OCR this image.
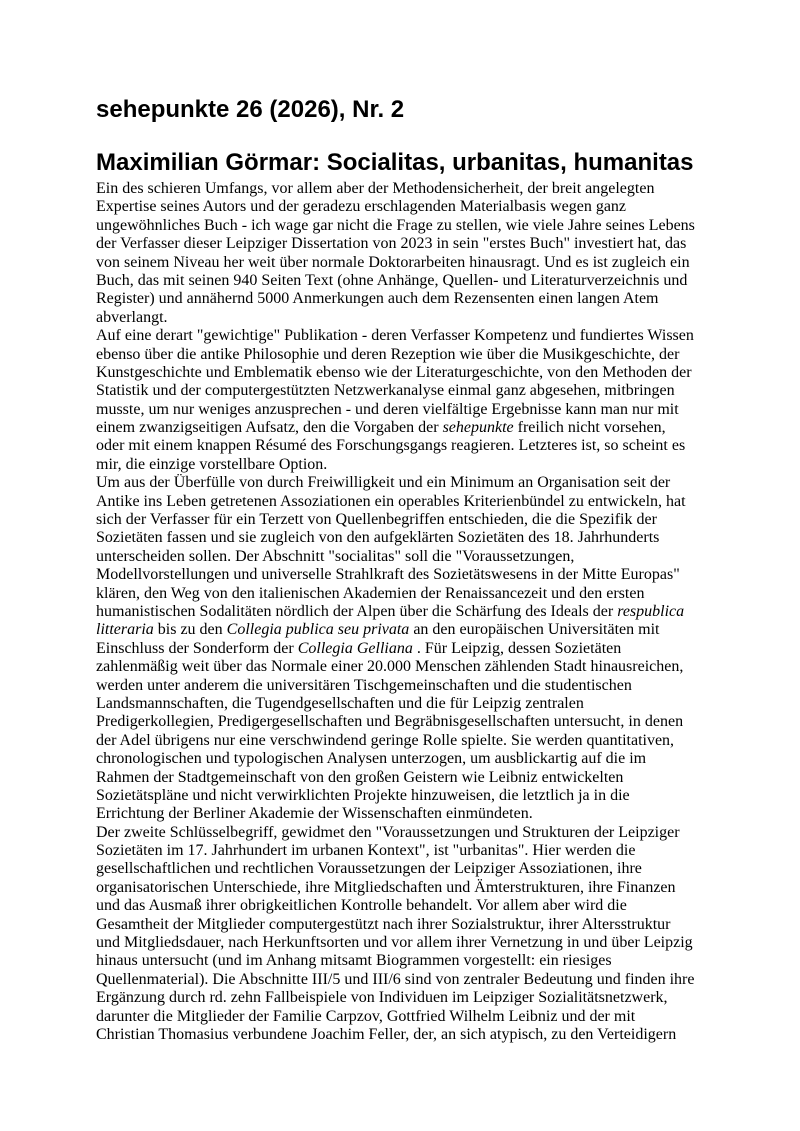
sehepunkte 26 (2026), Nr. 2
Maximilian Görmar: Socialitas, urbanitas, humanitas
Ein des schieren Umfangs, vor allem aber der Methodensicherheit, der breit angelegten
Expertise seines Autors und der geradezu erschlagenden Materialbasis wegen ganz
ungewöhnliches Buch - ich wage gar nicht die Frage zu stellen, wie viele Jahre seines Lebens
der Verfasser dieser Leipziger Dissertation von 2023 in sein "erstes Buch" investiert hat, das
von seinem Niveau her weit über normale Doktorarbeiten hinausragt. Und es ist zugleich ein
Buch, das mit seinen 940 Seiten Text (ohne Anhänge, Quellen- und Literaturverzeichnis und
Register) und annähernd 5000 Anmerkungen auch dem Rezensenten einen langen Atem
abverlangt.
Auf eine derart "gewichtige" Publikation - deren Verfasser Kompetenz und fundiertes Wissen
ebenso über die antike Philosophie und deren Rezeption wie über die Musikgeschichte, der
Kunstgeschichte und Emblematik ebenso wie der Literaturgeschichte, von den Methoden der
Statistik und der computergestützten Netzwerkanalyse einmal ganz abgesehen, mitbringen
musste, um nur weniges anzusprechen - und deren vielfältige Ergebnisse kann man nur mit
einem zwanzigseitigen Aufsatz, den die Vorgaben der sehepunkte freilich nicht vorsehen,
oder mit einem knappen Résumé des Forschungsgangs reagieren. Letzteres ist, so scheint es
mir, die einzige vorstellbare Option.
Um aus der Überfülle von durch Freiwilligkeit und ein Minimum an Organisation seit der
Antike ins Leben getretenen Assoziationen ein operables Kriterienbündel zu entwickeln, hat
sich der Verfasser für ein Terzett von Quellenbegriffen entschieden, die die Spezifik der
Sozietäten fassen und sie zugleich von den aufgeklärten Sozietäten des 18. Jahrhunderts
unterscheiden sollen. Der Abschnitt "socialitas" soll die "Voraussetzungen,
Modellvorstellungen und universelle Strahlkraft des Sozietätswesens in der Mitte Europas"
klären, den Weg von den italienischen Akademien der Renaissancezeit und den ersten
humanistischen Sodalitäten nördlich der Alpen über die Schärfung des Ideals der respublica
litteraria bis zu den Collegia publica seu privata an den europäischen Universitäten mit
Einschluss der Sonderform der Collegia Gelliana . Für Leipzig, dessen Sozietäten
zahlenmäßig weit über das Normale einer 20.000 Menschen zählenden Stadt hinausreichen,
werden unter anderem die universitären Tischgemeinschaften und die studentischen
Landsmannschaften, die Tugendgesellschaften und die für Leipzig zentralen
Predigerkollegien, Predigergesellschaften und Begräbnisgesellschaften untersucht, in denen
der Adel übrigens nur eine verschwindend geringe Rolle spielte. Sie werden quantitativen,
chronologischen und typologischen Analysen unterzogen, um ausblickartig auf die im
Rahmen der Stadtgemeinschaft von den großen Geistern wie Leibniz entwickelten
Sozietätspläne und nicht verwirklichten Projekte hinzuweisen, die letztlich ja in die
Errichtung der Berliner Akademie der Wissenschaften einmündeten.
Der zweite Schlüsselbegriff, gewidmet den "Voraussetzungen und Strukturen der Leipziger
Sozietäten im 17. Jahrhundert im urbanen Kontext", ist "urbanitas". Hier werden die
gesellschaftlichen und rechtlichen Voraussetzungen der Leipziger Assoziationen, ihre
organisatorischen Unterschiede, ihre Mitgliedschaften und Ämterstrukturen, ihre Finanzen
und das Ausmaß ihrer obrigkeitlichen Kontrolle behandelt. Vor allem aber wird die
Gesamtheit der Mitglieder computergestützt nach ihrer Sozialstruktur, ihrer Altersstruktur
und Mitgliedsdauer, nach Herkunftsorten und vor allem ihrer Vernetzung in und über Leipzig
hinaus untersucht (und im Anhang mitsamt Biogrammen vorgestellt: ein riesiges
Quellenmaterial). Die Abschnitte III/5 und III/6 sind von zentraler Bedeutung und finden ihre
Ergänzung durch rd. zehn Fallbeispiele von Individuen im Leipziger Sozialitätsnetzwerk,
darunter die Mitglieder der Familie Carpzov, Gottfried Wilhelm Leibniz und der mit
Christian Thomasius verbundene Joachim Feller, der, an sich atypisch, zu den Verteidigern
